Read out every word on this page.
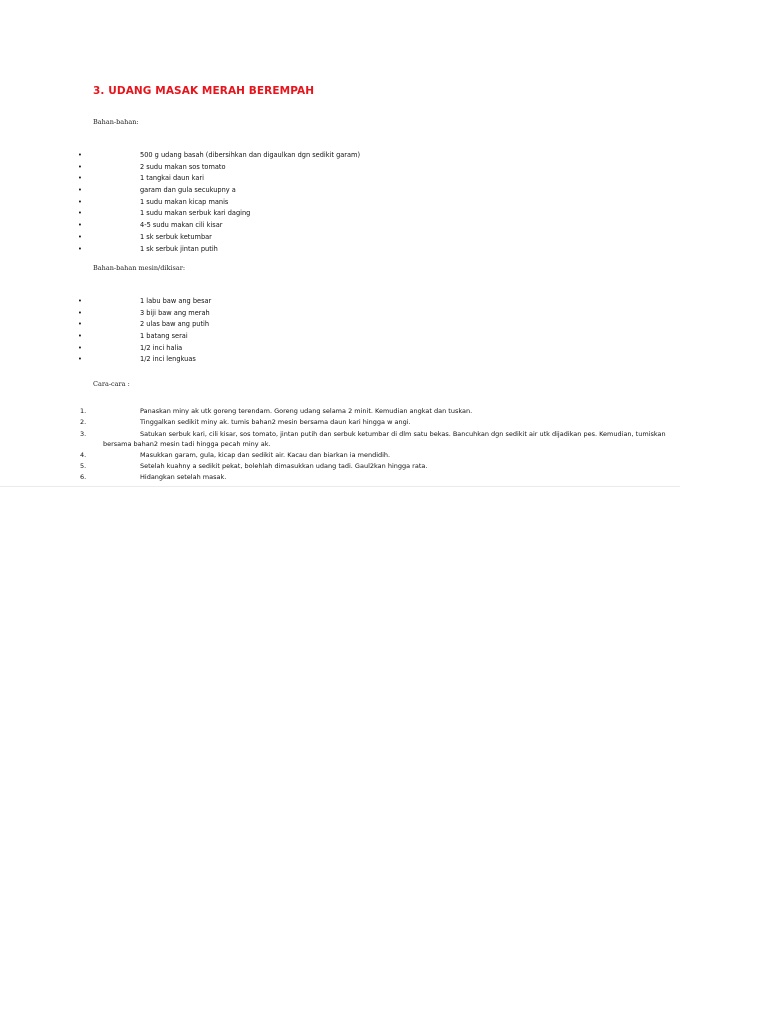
3. UDANG MASAK MERAH BEREMPAH
Bahan-bahan:
•	500 g udang basah (dibersihkan dan digaulkan dgn sedikit garam)
•	2 sudu makan sos tomato
•	1 tangkai daun kari
•	garam dan gula secukupny a
•	1 sudu makan kicap manis
•	1 sudu makan serbuk kari daging
•	4-5 sudu makan cili kisar
•	1 sk serbuk ketumbar
•	1 sk serbuk jintan putih
Bahan-bahan mesin/dikisar:
•	1 labu baw ang besar
•	3 biji baw ang merah
•	2 ulas baw ang putih
•	1 batang serai
•	1/2 inci halia
•	1/2 inci lengkuas
Cara-cara :
1.	Panaskan miny ak utk goreng terendam. Goreng udang selama 2 minit. Kemudian angkat dan tuskan.
2.	Tinggalkan sedikit miny ak. tumis bahan2 mesin bersama daun kari hingga w angi.
3.	Satukan serbuk kari, cili kisar, sos tomato, jintan putih dan serbuk ketumbar di dlm satu bekas. Bancuhkan dgn sedikit air utk dijadikan pes. Kemudian, tumiskan
bersama bahan2 mesin tadi hingga pecah miny ak.
4.	Masukkan garam, gula, kicap dan sedikit air. Kacau dan biarkan ia mendidih.
5.	Setelah kuahny a sedikit pekat, bolehlah dimasukkan udang tadi. Gaul2kan hingga rata.
6.	Hidangkan setelah masak.
